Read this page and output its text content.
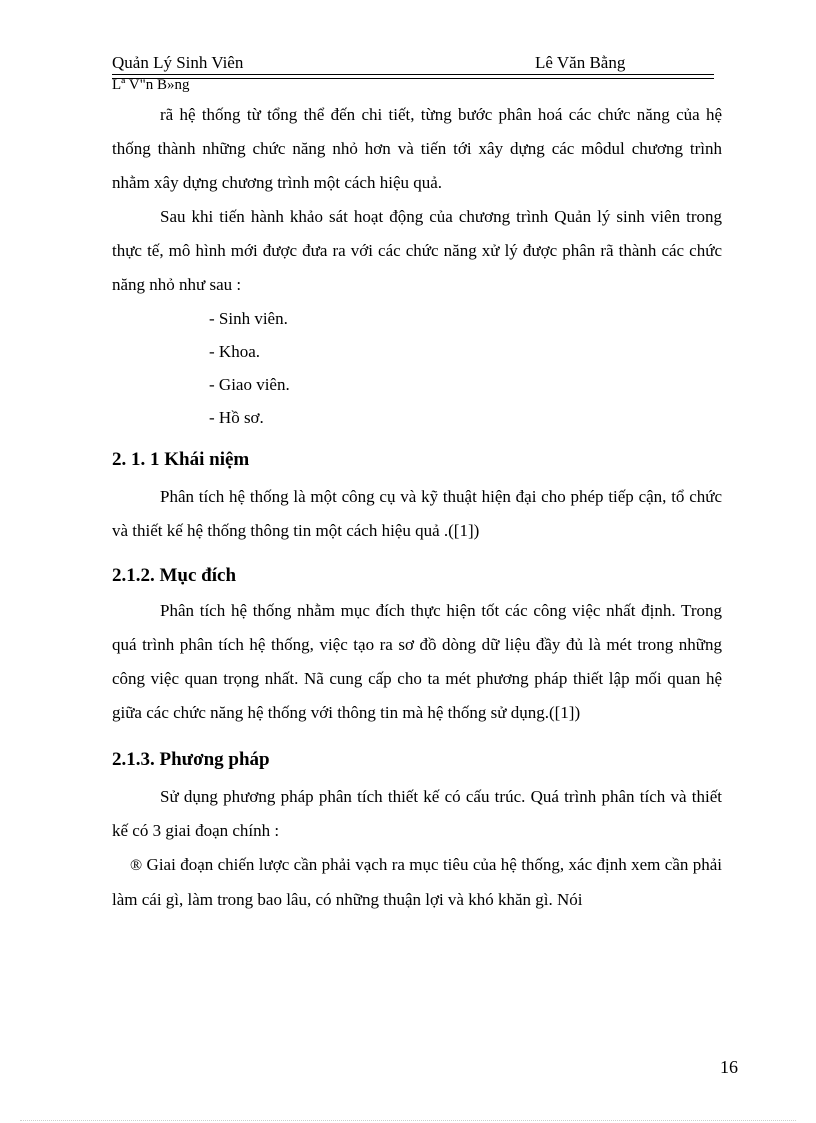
Quản Lý Sinh Viên	Lê Văn Bằng
Lª V"n B»ng

rã hệ thống từ tổng thể đến chi tiết, từng bước phân hoá các chức năng của hệ thống thành những chức năng nhỏ hơn và tiến tới xây dựng các môdul chương trình nhằm xây dựng chương trình một cách hiệu quả.

Sau khi tiến hành khảo sát hoạt động của chương trình Quản lý sinh viên trong thực tế, mô hình mới được đưa ra với các chức năng xử lý được phân rã thành các chức năng nhỏ như sau :

- Sinh viên.
- Khoa.
- Giao viên.
- Hồ sơ.
2. 1. 1 Khái niệm

Phân tích hệ thống là một công cụ và kỹ thuật hiện đại cho phép tiếp cận, tổ chức và thiết kế hệ thống thông tin một cách hiệu quả .([1])

2.1.2. Mục đích

Phân tích hệ thống nhằm mục đích thực hiện tốt các công việc nhất định. Trong quá trình phân tích hệ thống, việc tạo ra sơ đồ dòng dữ liệu đầy đủ là mét trong những công việc quan trọng nhất. Nã cung cấp cho ta mét phương pháp thiết lập mối quan hệ giữa các chức năng hệ thống với thông tin mà hệ thống sử dụng.([1])

2.1.3. Phương pháp

Sử dụng phương pháp phân tích thiết kế có cấu trúc. Quá trình phân tích và thiết kế có 3 giai đoạn chính :

® Giai đoạn chiến lược cần phải vạch ra mục tiêu của hệ thống, xác định xem cần phải làm cái gì, làm trong bao lâu, có những thuận lợi và khó khăn gì. Nói

16
